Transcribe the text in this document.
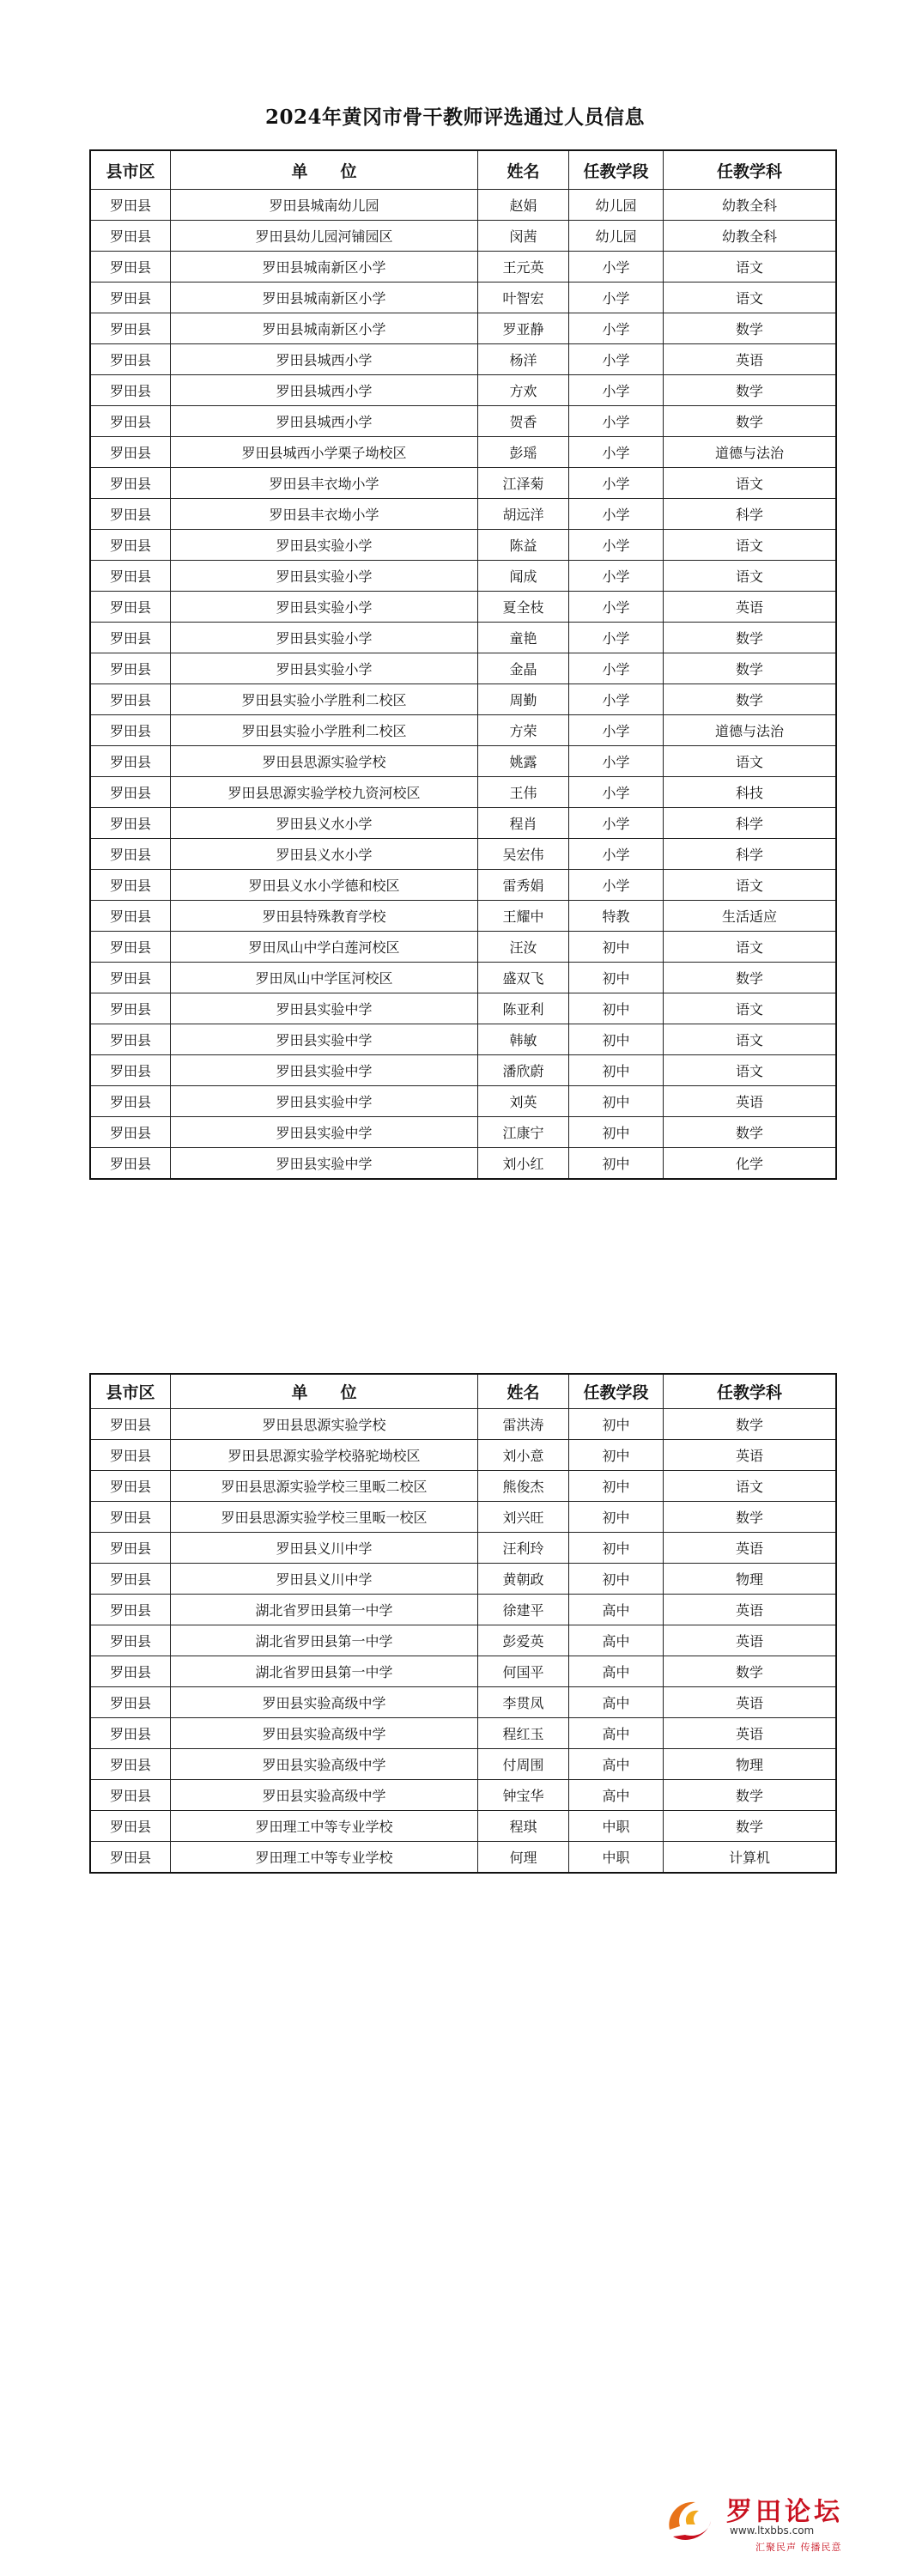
2024年黄冈市骨干教师评选通过人员信息
县市区	单　　位	姓名	任教学段	任教学科
罗田县	罗田县城南幼儿园	赵娟	幼儿园	幼教全科
罗田县	罗田县幼儿园河铺园区	闵茜	幼儿园	幼教全科
罗田县	罗田县城南新区小学	王元英	小学	语文
罗田县	罗田县城南新区小学	叶智宏	小学	语文
罗田县	罗田县城南新区小学	罗亚静	小学	数学
罗田县	罗田县城西小学	杨洋	小学	英语
罗田县	罗田县城西小学	方欢	小学	数学
罗田县	罗田县城西小学	贺香	小学	数学
罗田县	罗田县城西小学栗子坳校区	彭瑶	小学	道德与法治
罗田县	罗田县丰衣坳小学	江泽菊	小学	语文
罗田县	罗田县丰衣坳小学	胡远洋	小学	科学
罗田县	罗田县实验小学	陈益	小学	语文
罗田县	罗田县实验小学	闻成	小学	语文
罗田县	罗田县实验小学	夏全枝	小学	英语
罗田县	罗田县实验小学	童艳	小学	数学
罗田县	罗田县实验小学	金晶	小学	数学
罗田县	罗田县实验小学胜利二校区	周勤	小学	数学
罗田县	罗田县实验小学胜利二校区	方荣	小学	道德与法治
罗田县	罗田县思源实验学校	姚露	小学	语文
罗田县	罗田县思源实验学校九资河校区	王伟	小学	科技
罗田县	罗田县义水小学	程肖	小学	科学
罗田县	罗田县义水小学	吴宏伟	小学	科学
罗田县	罗田县义水小学德和校区	雷秀娟	小学	语文
罗田县	罗田县特殊教育学校	王耀中	特教	生活适应
罗田县	罗田凤山中学白莲河校区	汪汝	初中	语文
罗田县	罗田凤山中学匡河校区	盛双飞	初中	数学
罗田县	罗田县实验中学	陈亚利	初中	语文
罗田县	罗田县实验中学	韩敏	初中	语文
罗田县	罗田县实验中学	潘欣蔚	初中	语文
罗田县	罗田县实验中学	刘英	初中	英语
罗田县	罗田县实验中学	江康宁	初中	数学
罗田县	罗田县实验中学	刘小红	初中	化学
县市区	单　　位	姓名	任教学段	任教学科
罗田县	罗田县思源实验学校	雷洪涛	初中	数学
罗田县	罗田县思源实验学校骆驼坳校区	刘小意	初中	英语
罗田县	罗田县思源实验学校三里畈二校区	熊俊杰	初中	语文
罗田县	罗田县思源实验学校三里畈一校区	刘兴旺	初中	数学
罗田县	罗田县义川中学	汪利玲	初中	英语
罗田县	罗田县义川中学	黄朝政	初中	物理
罗田县	湖北省罗田县第一中学	徐建平	高中	英语
罗田县	湖北省罗田县第一中学	彭爱英	高中	英语
罗田县	湖北省罗田县第一中学	何国平	高中	数学
罗田县	罗田县实验高级中学	李贯凤	高中	英语
罗田县	罗田县实验高级中学	程红玉	高中	英语
罗田县	罗田县实验高级中学	付周围	高中	物理
罗田县	罗田县实验高级中学	钟宝华	高中	数学
罗田县	罗田理工中等专业学校	程琪	中职	数学
罗田县	罗田理工中等专业学校	何理	中职	计算机
罗田论坛
www.ltxbbs.com
汇聚民声 传播民意
